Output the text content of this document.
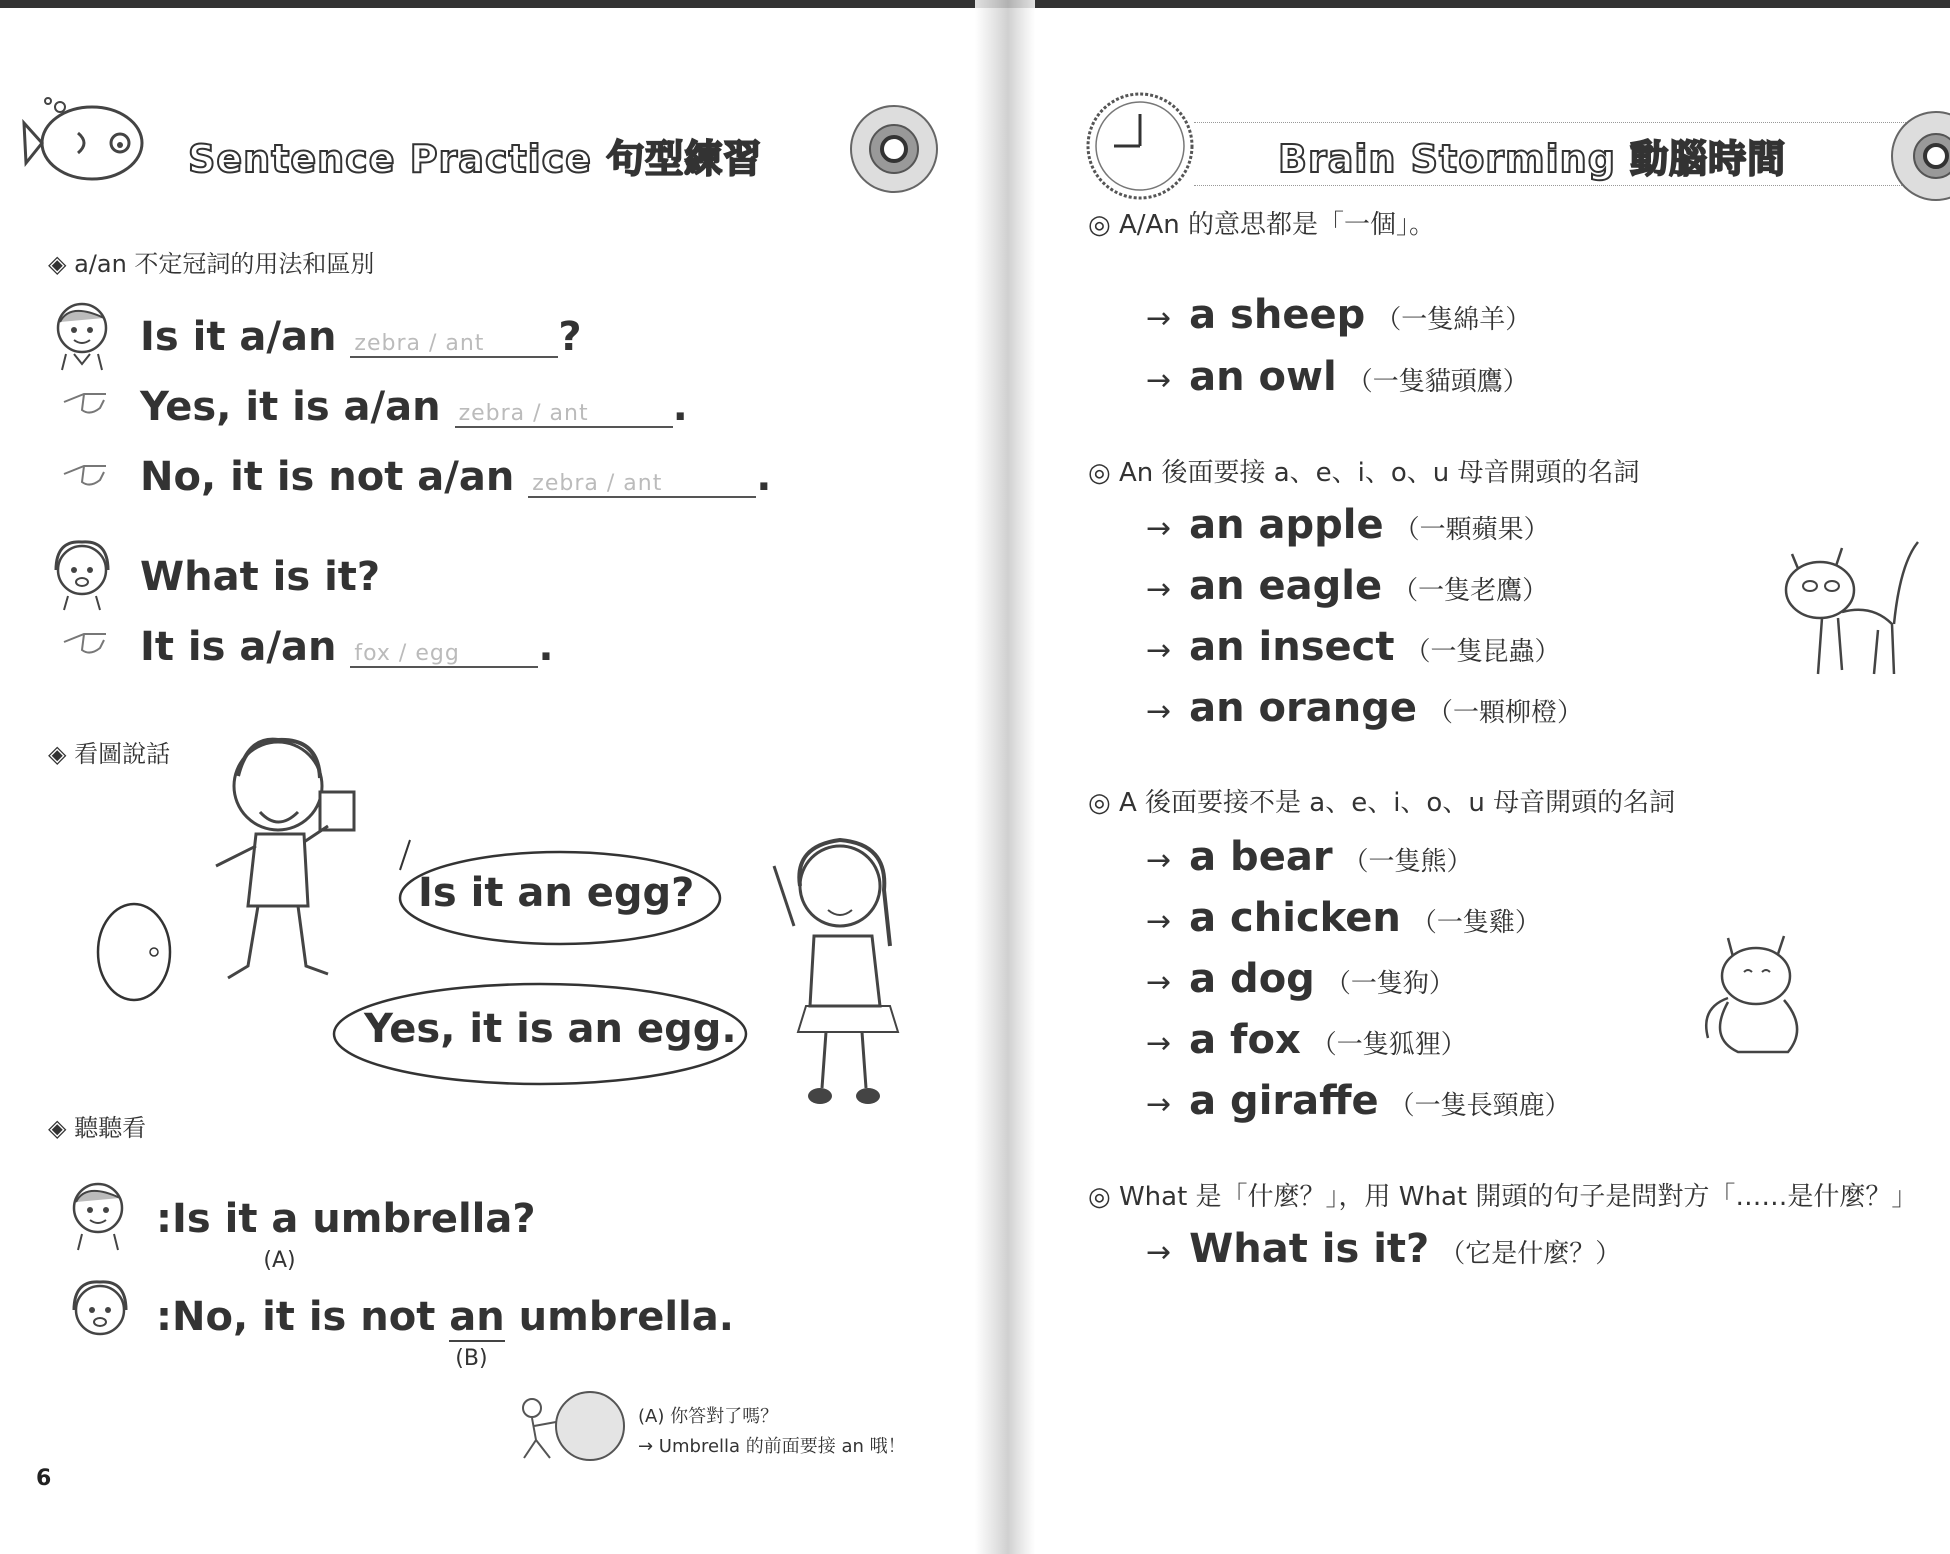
Sentence Practice 句型練習
◈ a/an 不定冠詞的用法和區別
Is it a/an zebra / ant ?
Yes, it is a/an zebra / ant .
No, it is not a/an zebra / ant .
What is it?
It is a/an fox / egg .
◈ 看圖說話
Is it an egg?
Yes, it is an egg.
◈ 聽聽看
:Is it a
(A)
umbrella?
:No, it is not an
(B)
umbrella.
(A) 你答對了嗎？
→ Umbrella 的前面要接 an 哦！
6
Brain Storming 動腦時間
◎ A/An 的意思都是「一個」。
→ a sheep （一隻綿羊）
→ an owl （一隻貓頭鷹）
◎ An 後面要接 a、e、i、o、u 母音開頭的名詞
→ an apple （一顆蘋果）
→ an eagle （一隻老鷹）
→ an insect （一隻昆蟲）
→ an orange （一顆柳橙）
◎ A 後面要接不是 a、e、i、o、u 母音開頭的名詞
→ a bear （一隻熊）
→ a chicken （一隻雞）
→ a dog （一隻狗）
→ a fox （一隻狐狸）
→ a giraffe （一隻長頸鹿）
◎ What 是「什麼？」，用 What 開頭的句子是問對方「……是什麼？」
→ What is it? （它是什麼？）
